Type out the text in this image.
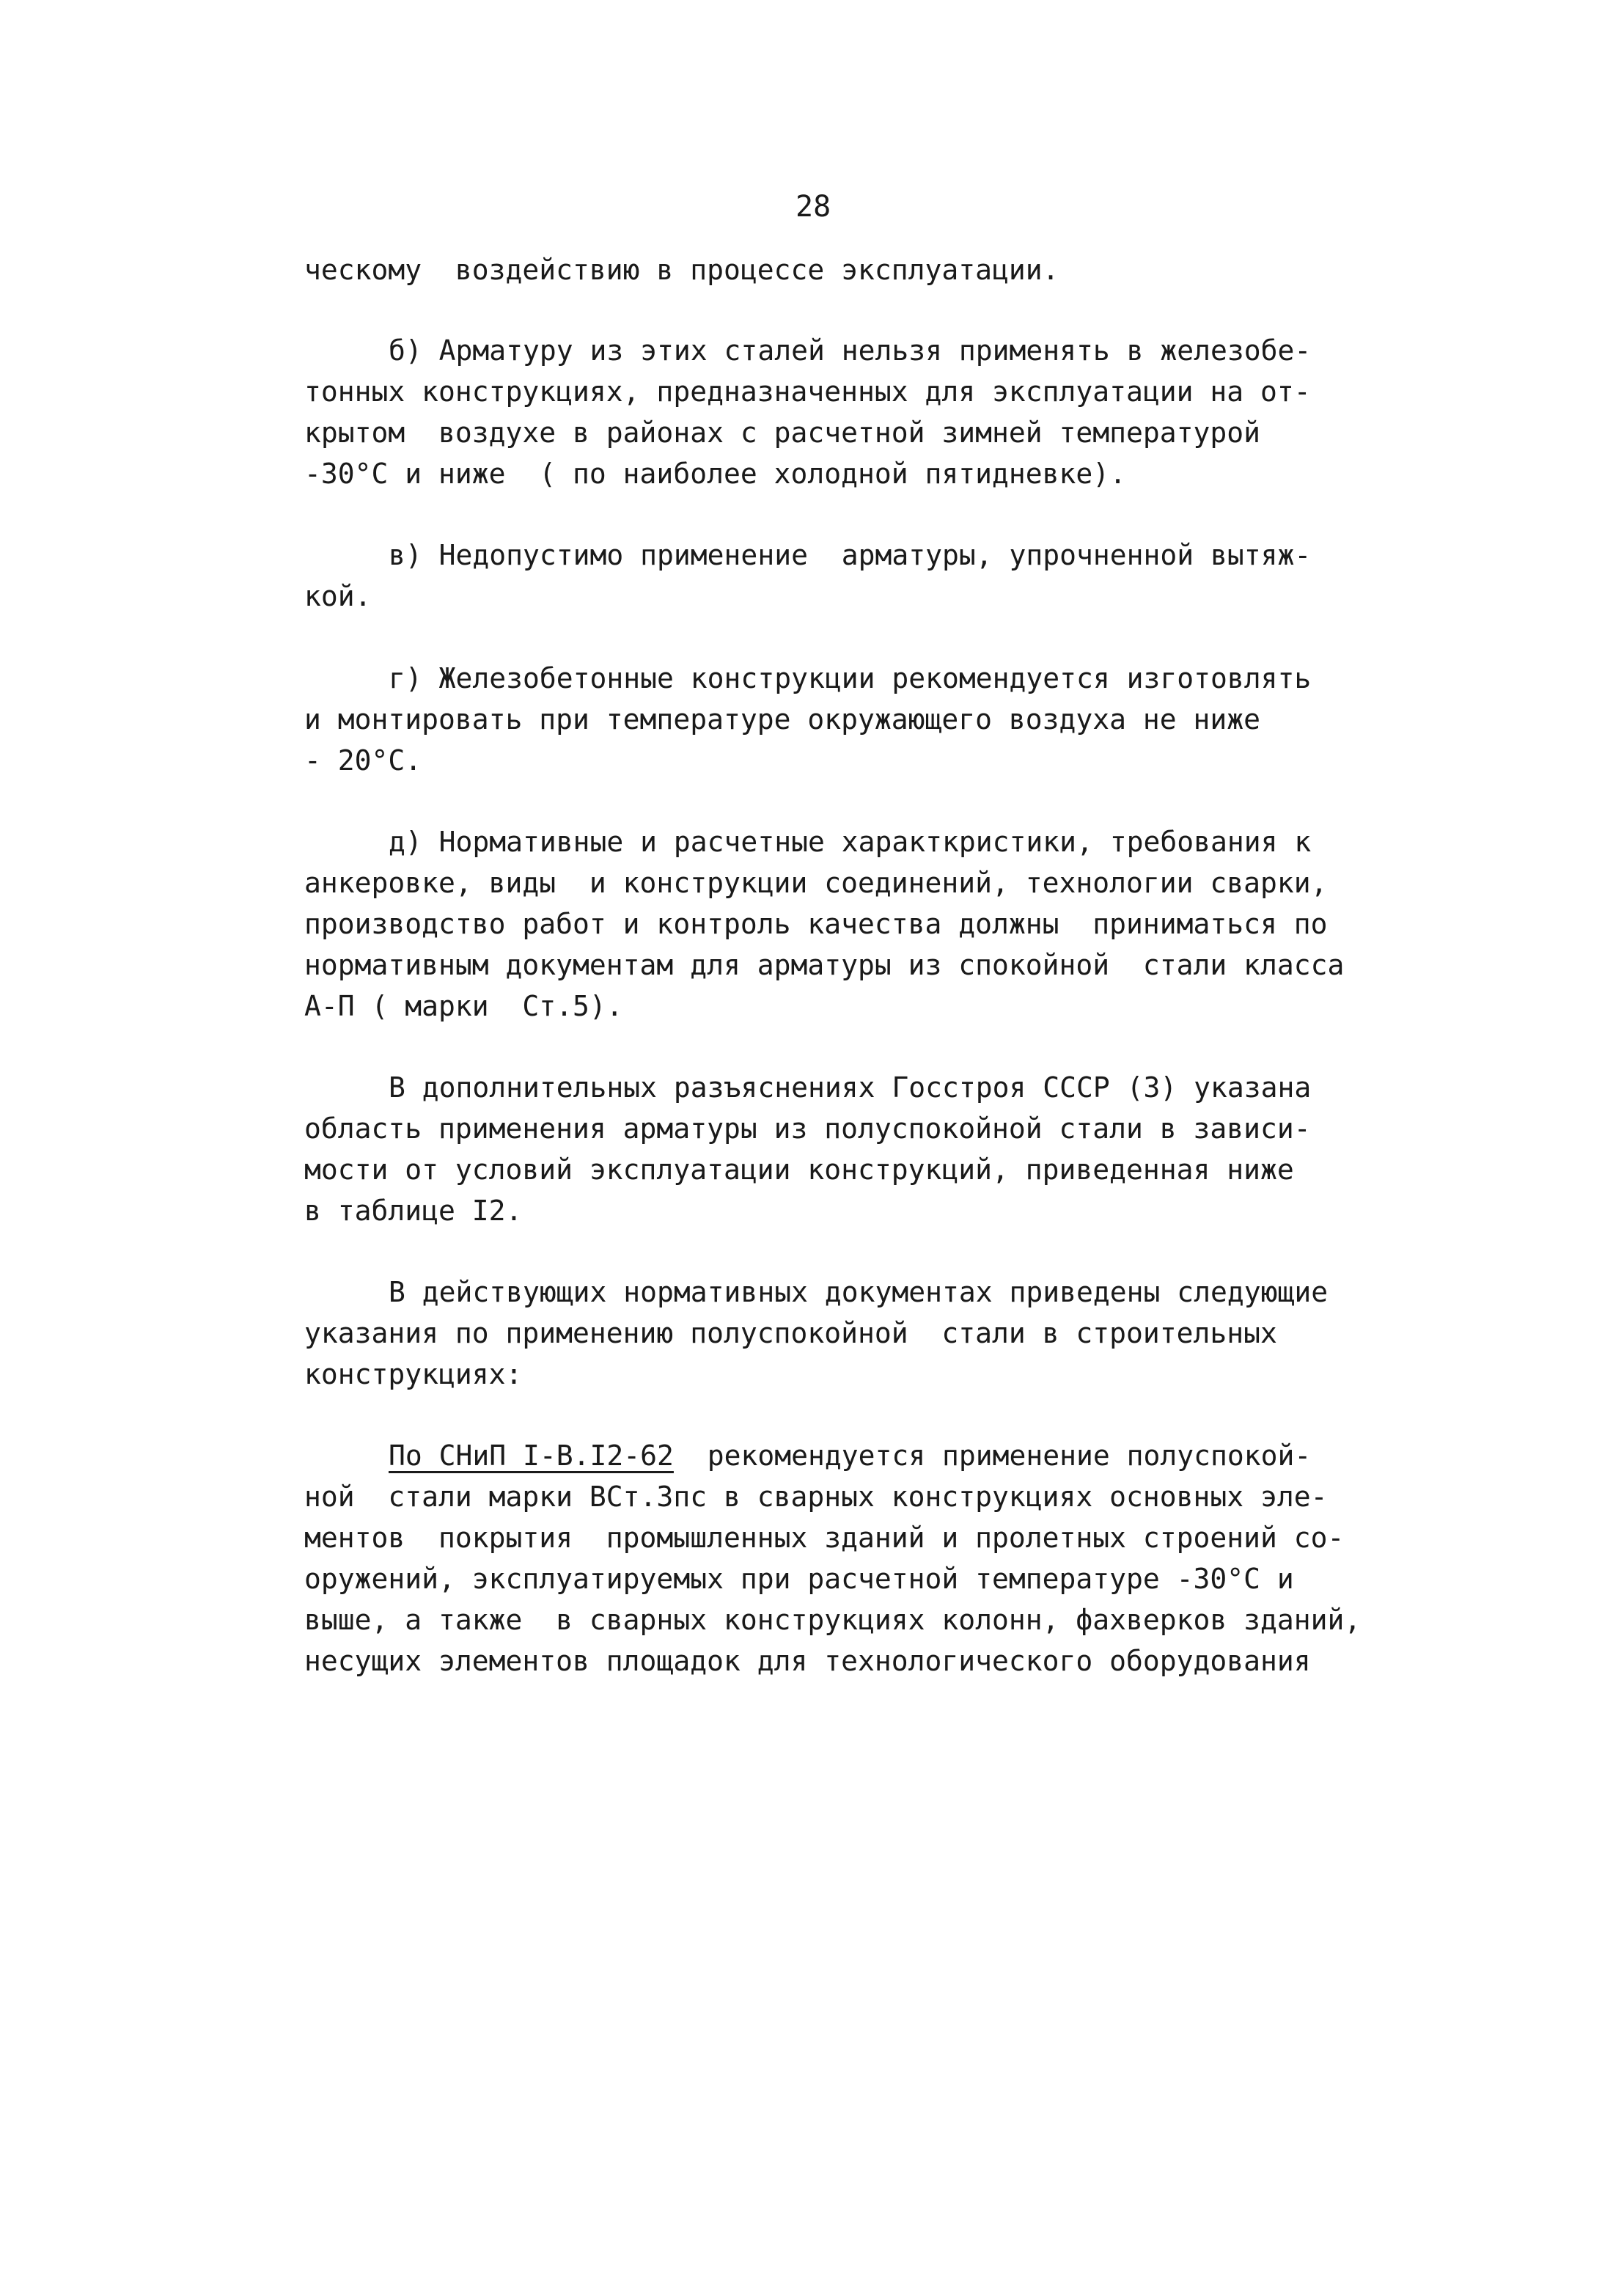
28
ческому  воздействию в процессе эксплуатации.
б) Арматуру из этих сталей нельзя применять в железобе-
тонных конструкциях, предназначенных для эксплуатации на от-
крытом  воздухе в районах с расчетной зимней температурой
-30°С и ниже  ( по наиболее холодной пятидневке).
в) Недопустимо применение  арматуры, упрочненной вытяж-
кой.
г) Железобетонные конструкции рекомендуется изготовлять
и монтировать при температуре окружающего воздуха не ниже
- 20°С.
д) Нормативные и расчетные характкристики, требования к
анкеровке, виды  и конструкции соединений, технологии сварки,
производство работ и контроль качества должны  приниматься по
нормативным документам для арматуры из спокойной  стали класса
А-П ( марки  Ст.5).
В дополнительных разъяснениях Госстроя СССР (3) указана
область применения арматуры из полуспокойной стали в зависи-
мости от условий эксплуатации конструкций, приведенная ниже
в таблице I2.
В действующих нормативных документах приведены следующие
указания по применению полуспокойной  стали в строительных
конструкциях:
По СНиП I-В.I2-62  рекомендуется применение полуспокой-
ной  стали марки ВСт.3пс в сварных конструкциях основных эле-
ментов  покрытия  промышленных зданий и пролетных строений со-
оружений, эксплуатируемых при расчетной температуре -30°С и
выше, а также  в сварных конструкциях колонн, фахверков зданий,
несущих элементов площадок для технологического оборудования
